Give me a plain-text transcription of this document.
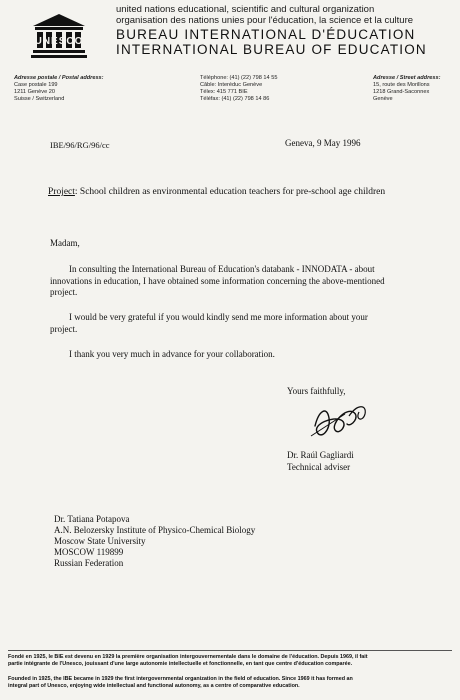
UNESCO
united nations educational, scientific and cultural organization
organisation des nations unies pour l'éducation, la science et la culture
BUREAU INTERNATIONAL D'ÉDUCATION
INTERNATIONAL BUREAU OF EDUCATION
Adresse postale / Postal address:
Case postale 199
1211 Genève 20
Suisse / Switzerland
Téléphone: (41) (22) 798 14 55
Câble: Interéduc Genève
Télex: 415 771 BIE
Téléfax: (41) (22) 798 14 86
Adresse / Street address:
15, route des Morillons
1218 Grand-Saconnex
Genève
IBE/96/RG/96/cc	Geneva, 9 May 1996
Project: School children as environmental education teachers for pre-school age children
Madam,
In consulting the International Bureau of Education's databank - INNODATA - about
innovations in education, I have obtained some information concerning the above-mentioned
project.
I would be very grateful if you would kindly send me more information about your
project.
I thank you very much in advance for your collaboration.
Yours faithfully,
Dr. Raúl Gagliardi
Technical adviser
Dr. Tatiana Potapova
A.N. Belozersky Institute of Physico-Chemical Biology
Moscow State University
MOSCOW 119899
Russian Federation
Fondé en 1925, le BIE est devenu en 1929 la première organisation intergouvernementale dans le domaine de l'éducation. Depuis 1969, il fait
partie intégrante de l'Unesco, jouissant d'une large autonomie intellectuelle et fonctionnelle, en tant que centre d'éducation comparée.
Founded in 1925, the IBE became in 1929 the first intergovernmental organization in the field of education. Since 1969 it has formed an
integral part of Unesco, enjoying wide intellectual and functional autonomy, as a centre of comparative education.
